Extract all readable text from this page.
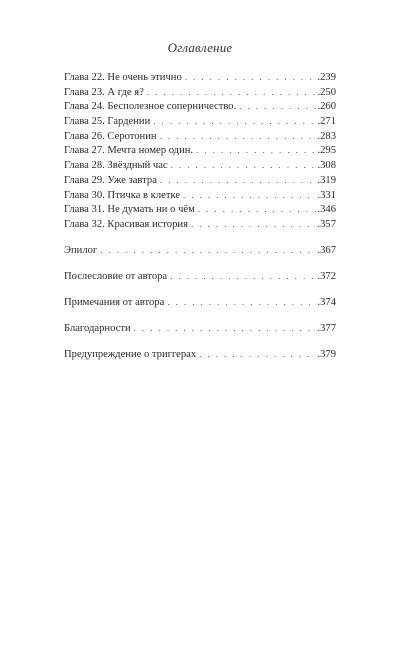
Оглавление
Глава 22. Не очень этично . . .	.239
Глава 23. А где я? . . .	.250
Глава 24. Бесполезное соперничество. . . .	.260
Глава 25. Гардении . . .	.271
Глава 26. Серотонин . . .	.283
Глава 27. Мечта номер один. . . .	.295
Глава 28. Звёздный час . . .	.308
Глава 29. Уже завтра . . .	.319
Глава 30. Птичка в клетке . . .	.331
Глава 31. Не думать ни о чём . . .	.346
Глава 32. Красивая история . . .	.357
Эпилог . . .	.367
Послесловие от автора . . .	.372
Примечания от автора . . .	.374
Благодарности . . .	.377
Предупреждение о триггерах . . .	.379
